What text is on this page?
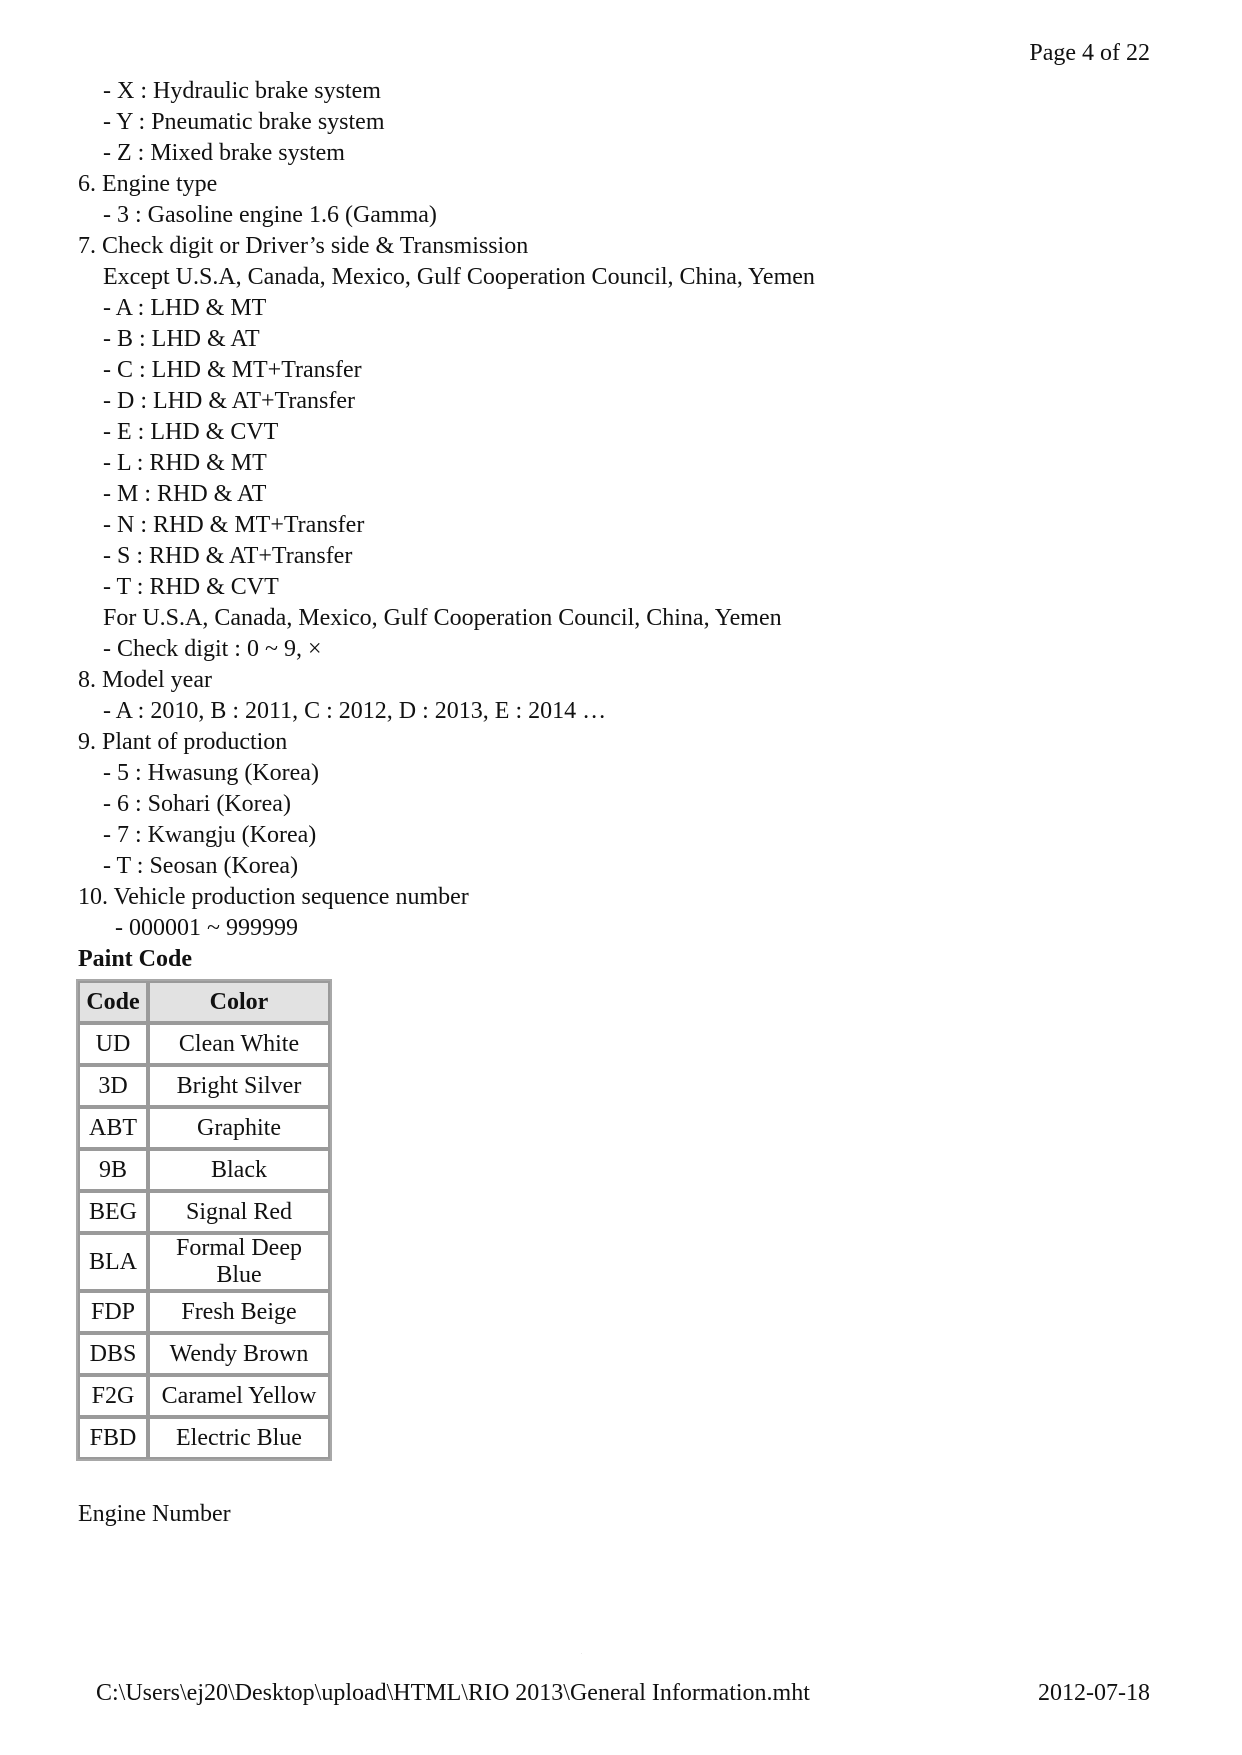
Page 4 of 22
- X : Hydraulic brake system
- Y : Pneumatic brake system
- Z : Mixed brake system
6. Engine type
- 3 : Gasoline engine 1.6 (Gamma)
7. Check digit or Driver’s side & Transmission
Except U.S.A, Canada, Mexico, Gulf Cooperation Council, China, Yemen
- A : LHD & MT
- B : LHD & AT
- C : LHD & MT+Transfer
- D : LHD & AT+Transfer
- E : LHD & CVT
- L : RHD & MT
- M : RHD & AT
- N : RHD & MT+Transfer
- S : RHD & AT+Transfer
- T : RHD & CVT
For U.S.A, Canada, Mexico, Gulf Cooperation Council, China, Yemen
- Check digit : 0 ~ 9, ×
8. Model year
- A : 2010, B : 2011, C : 2012, D : 2013, E : 2014 …
9. Plant of production
- 5 : Hwasung (Korea)
- 6 : Sohari (Korea)
- 7 : Kwangju (Korea)
- T : Seosan (Korea)
10. Vehicle production sequence number
- 000001 ~ 999999
Paint Code
Code	Color
UD	Clean White
3D	Bright Silver
ABT	Graphite
9B	Black
BEG	Signal Red
BLA	Formal Deep Blue
FDP	Fresh Beige
DBS	Wendy Brown
F2G	Caramel Yellow
FBD	Electric Blue
Engine Number
·
C:\Users\ej20\Desktop\upload\HTML\RIO 2013\General Information.mht	2012-07-18
